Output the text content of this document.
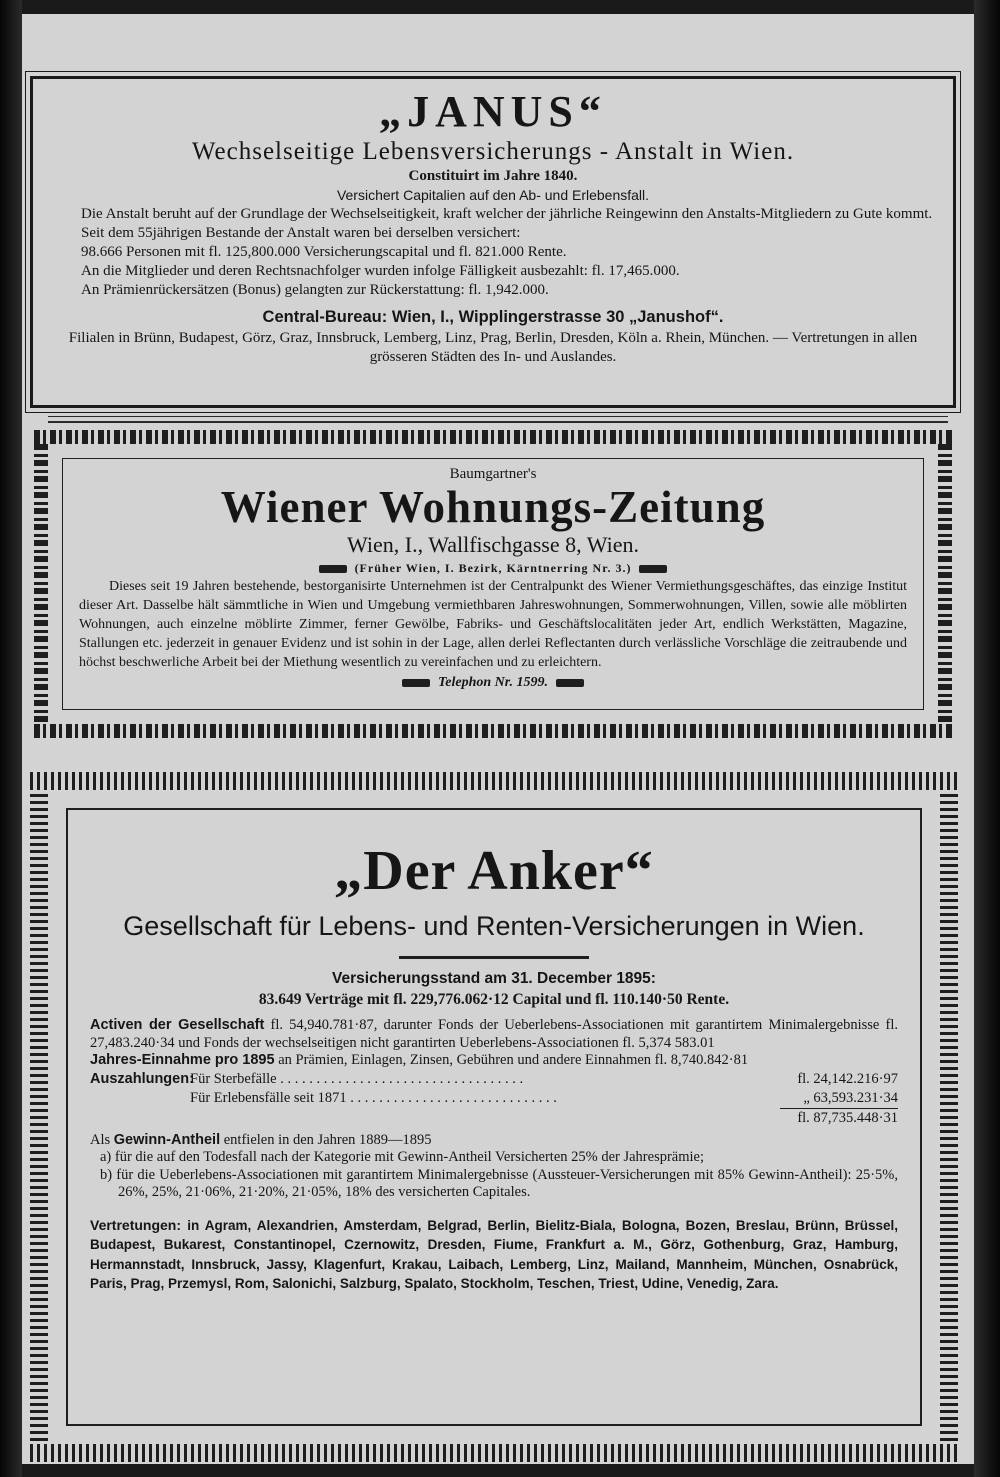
„JANUS“
Wechselseitige Lebensversicherungs - Anstalt in Wien.
Constituirt im Jahre 1840.
Versichert Capitalien auf den Ab- und Erlebensfall.

Die Anstalt beruht auf der Grundlage der Wechselseitigkeit, kraft welcher der jährliche Reingewinn den Anstalts-Mitgliedern zu Gute kommt.

Seit dem 55jährigen Bestande der Anstalt waren bei derselben versichert:

98.666 Personen mit fl. 125,800.000 Versicherungscapital und fl. 821.000 Rente.

An die Mitglieder und deren Rechtsnachfolger wurden infolge Fälligkeit ausbezahlt: fl. 17,465.000.

An Prämienrückersätzen (Bonus) gelangten zur Rückerstattung: fl. 1,942.000.

Central-Bureau: Wien, I., Wipplingerstrasse 30 „Janushof“.
Filialen in Brünn, Budapest, Görz, Graz, Innsbruck, Lemberg, Linz, Prag, Berlin, Dresden, Köln a. Rhein, München. — Vertretungen in allen grösseren Städten des In- und Auslandes.
Baumgartner's
Wiener Wohnungs-Zeitung
Wien, I., Wallfischgasse 8, Wien.
(Früher Wien, I. Bezirk, Kärntnerring Nr. 3.)

Dieses seit 19 Jahren bestehende, bestorganisirte Unternehmen ist der Centralpunkt des Wiener Vermiethungsgeschäftes, das einzige Institut dieser Art. Dasselbe hält sämmtliche in Wien und Umgebung vermiethbaren Jahreswohnungen, Sommerwohnungen, Villen, sowie alle möblirten Wohnungen, auch einzelne möblirte Zimmer, ferner Gewölbe, Fabriks- und Geschäftslocalitäten jeder Art, endlich Werkstätten, Magazine, Stallungen etc. jederzeit in genauer Evidenz und ist sohin in der Lage, allen derlei Reflectanten durch verlässliche Vorschläge die zeitraubende und höchst beschwerliche Arbeit bei der Miethung wesentlich zu vereinfachen und zu erleichtern.

Telephon Nr. 1599.
„Der Anker“
Gesellschaft für Lebens- und Renten-Versicherungen in Wien.
Versicherungsstand am 31. December 1895:
83.649 Verträge mit fl. 229,776.062·12 Capital und fl. 110.140·50 Rente.

Activen der Gesellschaft fl. 54,940.781·87, darunter Fonds der Ueberlebens-Associationen mit garantirtem Minimalergebnisse fl. 27,483.240·34 und Fonds der wechselseitigen nicht garantirten Ueberlebens-Associationen fl. 5,374 583.01

Jahres-Einnahme pro 1895 an Prämien, Einlagen, Zinsen, Gebühren und andere Einnahmen fl. 8,740.842·81

Auszahlungen:
Für Sterbefälle . . . . . . . . . . . . . . . . . . . . . . . . . . . . . . . . . .	fl. 24,142.216·97
Für Erlebensfälle seit 1871 . . . . . . . . . . . . . . . . . . . . . . . . . . . . .	„ 63,593.231·34
fl. 87,735.448·31

Als Gewinn-Antheil entfielen in den Jahren 1889—1895

a) für die auf den Todesfall nach der Kategorie mit Gewinn-Antheil Versicherten 25% der Jahresprämie;

b) für die Ueberlebens-Associationen mit garantirtem Minimalergebnisse (Aussteuer-Versicherungen mit 85% Gewinn-Antheil): 25·5%, 26%, 25%, 21·06%, 21·20%, 21·05%, 18% des versicherten Capitales.

Vertretungen: in Agram, Alexandrien, Amsterdam, Belgrad, Berlin, Bielitz-Biala, Bologna, Bozen, Breslau, Brünn, Brüssel, Budapest, Bukarest, Constantinopel, Czernowitz, Dresden, Fiume, Frankfurt a. M., Görz, Gothenburg, Graz, Hamburg, Hermannstadt, Innsbruck, Jassy, Klagenfurt, Krakau, Laibach, Lemberg, Linz, Mailand, Mannheim, München, Osnabrück, Paris, Prag, Przemysl, Rom, Salonichi, Salzburg, Spalato, Stockholm, Teschen, Triest, Udine, Venedig, Zara.
